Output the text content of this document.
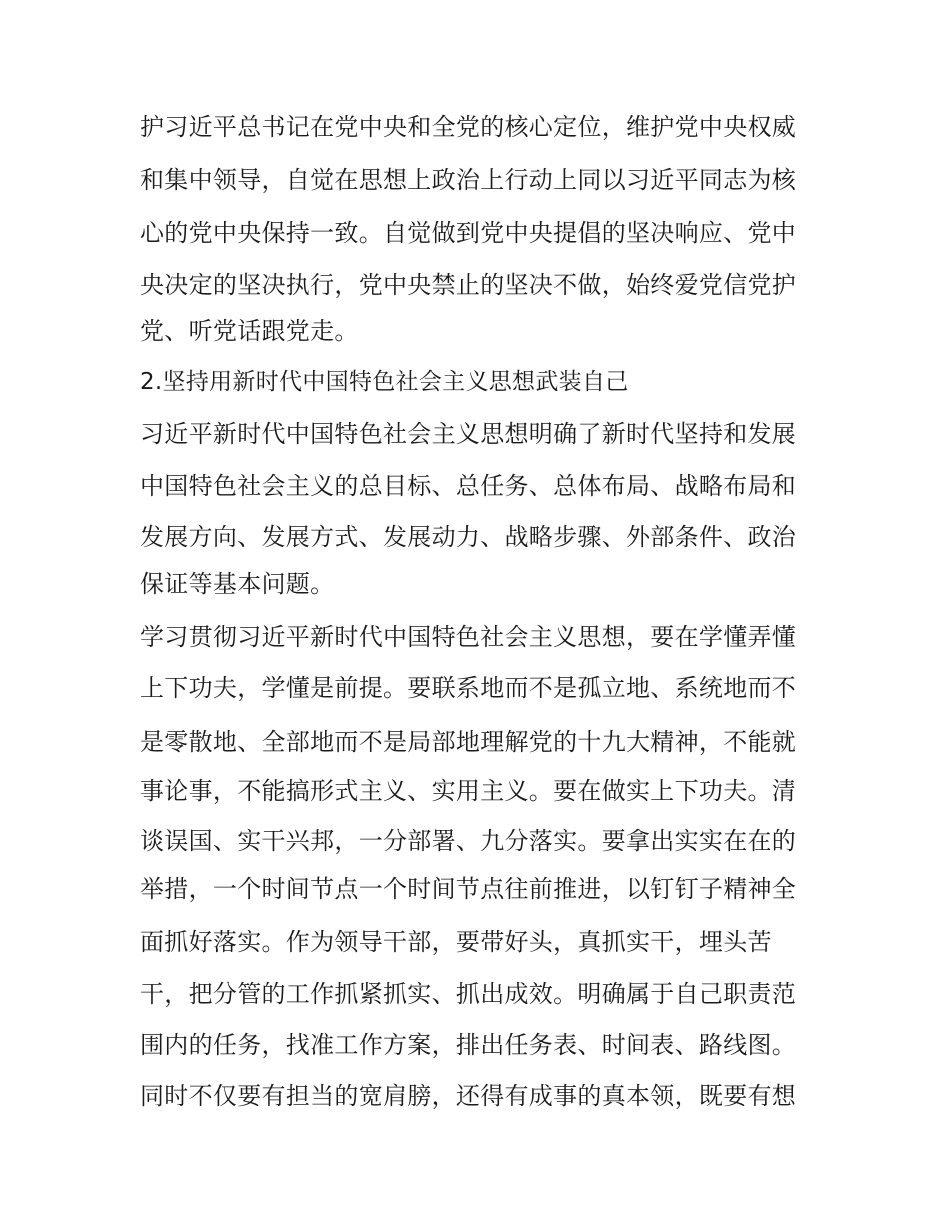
护习近平总书记在党中央和全党的核心定位，维护党中央权威
和集中领导，自觉在思想上政治上行动上同以习近平同志为核
心的党中央保持一致。自觉做到党中央提倡的坚决响应、党中
央决定的坚决执行，党中央禁止的坚决不做，始终爱党信党护
党、听党话跟党走。
2.坚持用新时代中国特色社会主义思想武装自己
习近平新时代中国特色社会主义思想明确了新时代坚持和发展
中国特色社会主义的总目标、总任务、总体布局、战略布局和
发展方向、发展方式、发展动力、战略步骤、外部条件、政治
保证等基本问题。
学习贯彻习近平新时代中国特色社会主义思想，要在学懂弄懂
上下功夫，学懂是前提。要联系地而不是孤立地、系统地而不
是零散地、全部地而不是局部地理解党的十九大精神，不能就
事论事，不能搞形式主义、实用主义。要在做实上下功夫。清
谈误国、实干兴邦，一分部署、九分落实。要拿出实实在在的
举措，一个时间节点一个时间节点往前推进，以钉钉子精神全
面抓好落实。作为领导干部，要带好头，真抓实干，埋头苦
干，把分管的工作抓紧抓实、抓出成效。明确属于自己职责范
围内的任务，找准工作方案，排出任务表、时间表、路线图。
同时不仅要有担当的宽肩膀，还得有成事的真本领，既要有想
